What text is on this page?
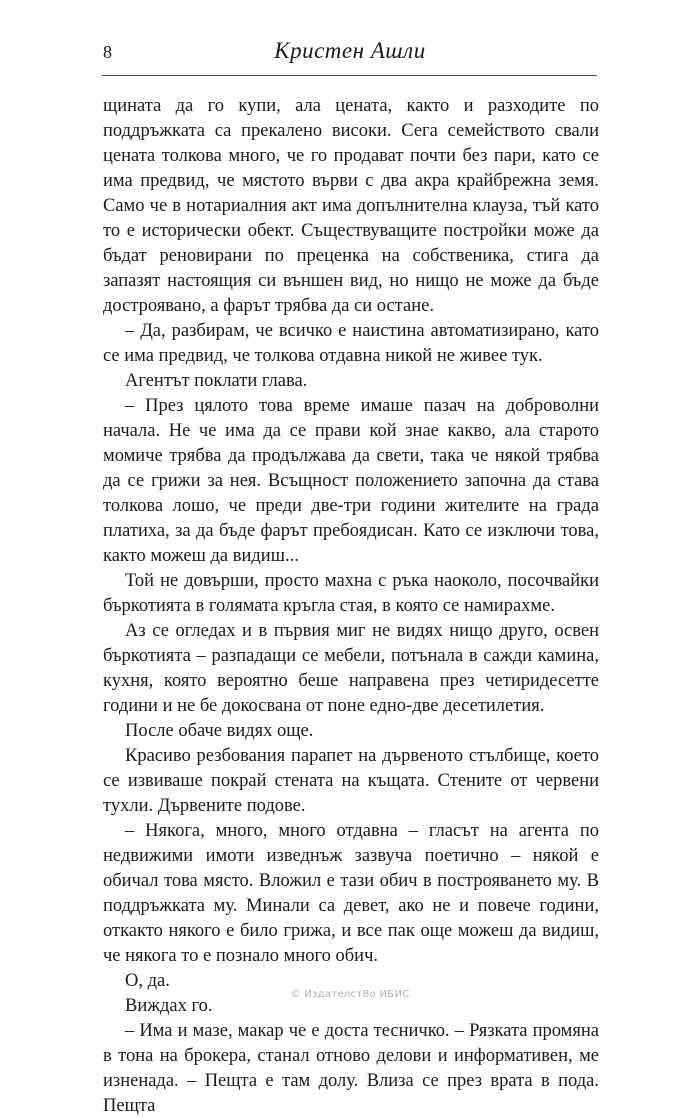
8	Кристен Ашли

щината да го купи, ала цената, както и разходите по поддръжката са прекалено високи. Сега семейството свали цената толкова много, че го продават почти без пари, като се има предвид, че мястото върви с два акра крайбрежна земя. Само че в нотариалния акт има допълнителна клауза, тъй като то е исторически обект. Съществуващите постройки може да бъдат реновирани по преценка на собственика, стига да запазят настоящия си външен вид, но нищо не може да бъде достроявано, а фарът трябва да си остане.

– Да, разбирам, че всичко е наистина автоматизирано, като се има предвид, че толкова отдавна никой не живее тук.

Агентът поклати глава.

– През цялото това време имаше пазач на доброволни начала. Не че има да се прави кой знае какво, ала старото момиче трябва да продължава да свети, така че някой трябва да се грижи за нея. Всъщност положението започна да става толкова лошо, че преди две-три години жителите на града платиха, за да бъде фарът пребоядисан. Като се изключи това, както можеш да видиш...

Той не довърши, просто махна с ръка наоколо, посочвайки бъркотията в голямата кръгла стая, в която се намирахме.

Аз се огледах и в първия миг не видях нищо друго, освен бъркотията – разпадащи се мебели, потънала в сажди камина, кухня, която вероятно беше направена през четиридесетте години и не бе докосвана от поне едно-две десетилетия.

После обаче видях още.

Красиво резбования парапет на дървеното стълбище, което се извиваше покрай стената на къщата. Стените от червени тухли. Дървените подове.

– Някога, много, много отдавна – гласът на агента по недвижими имоти изведнъж зазвуча поетично – някой е обичал това място. Вложил е тази обич в построяването му. В поддръжката му. Минали са девет, ако не и повече години, откакто някого е било грижа, и все пак още можеш да видиш, че някога то е познало много обич.

О, да.

Виждах го.

– Има и мазе, макар че е доста тесничко. – Рязката промяна в тона на брокера, станал отново делови и информативен, ме изненада. – Пещта е там долу. Влиза се през врата в пода. Пещта

© ИздателстВо ИБИС
